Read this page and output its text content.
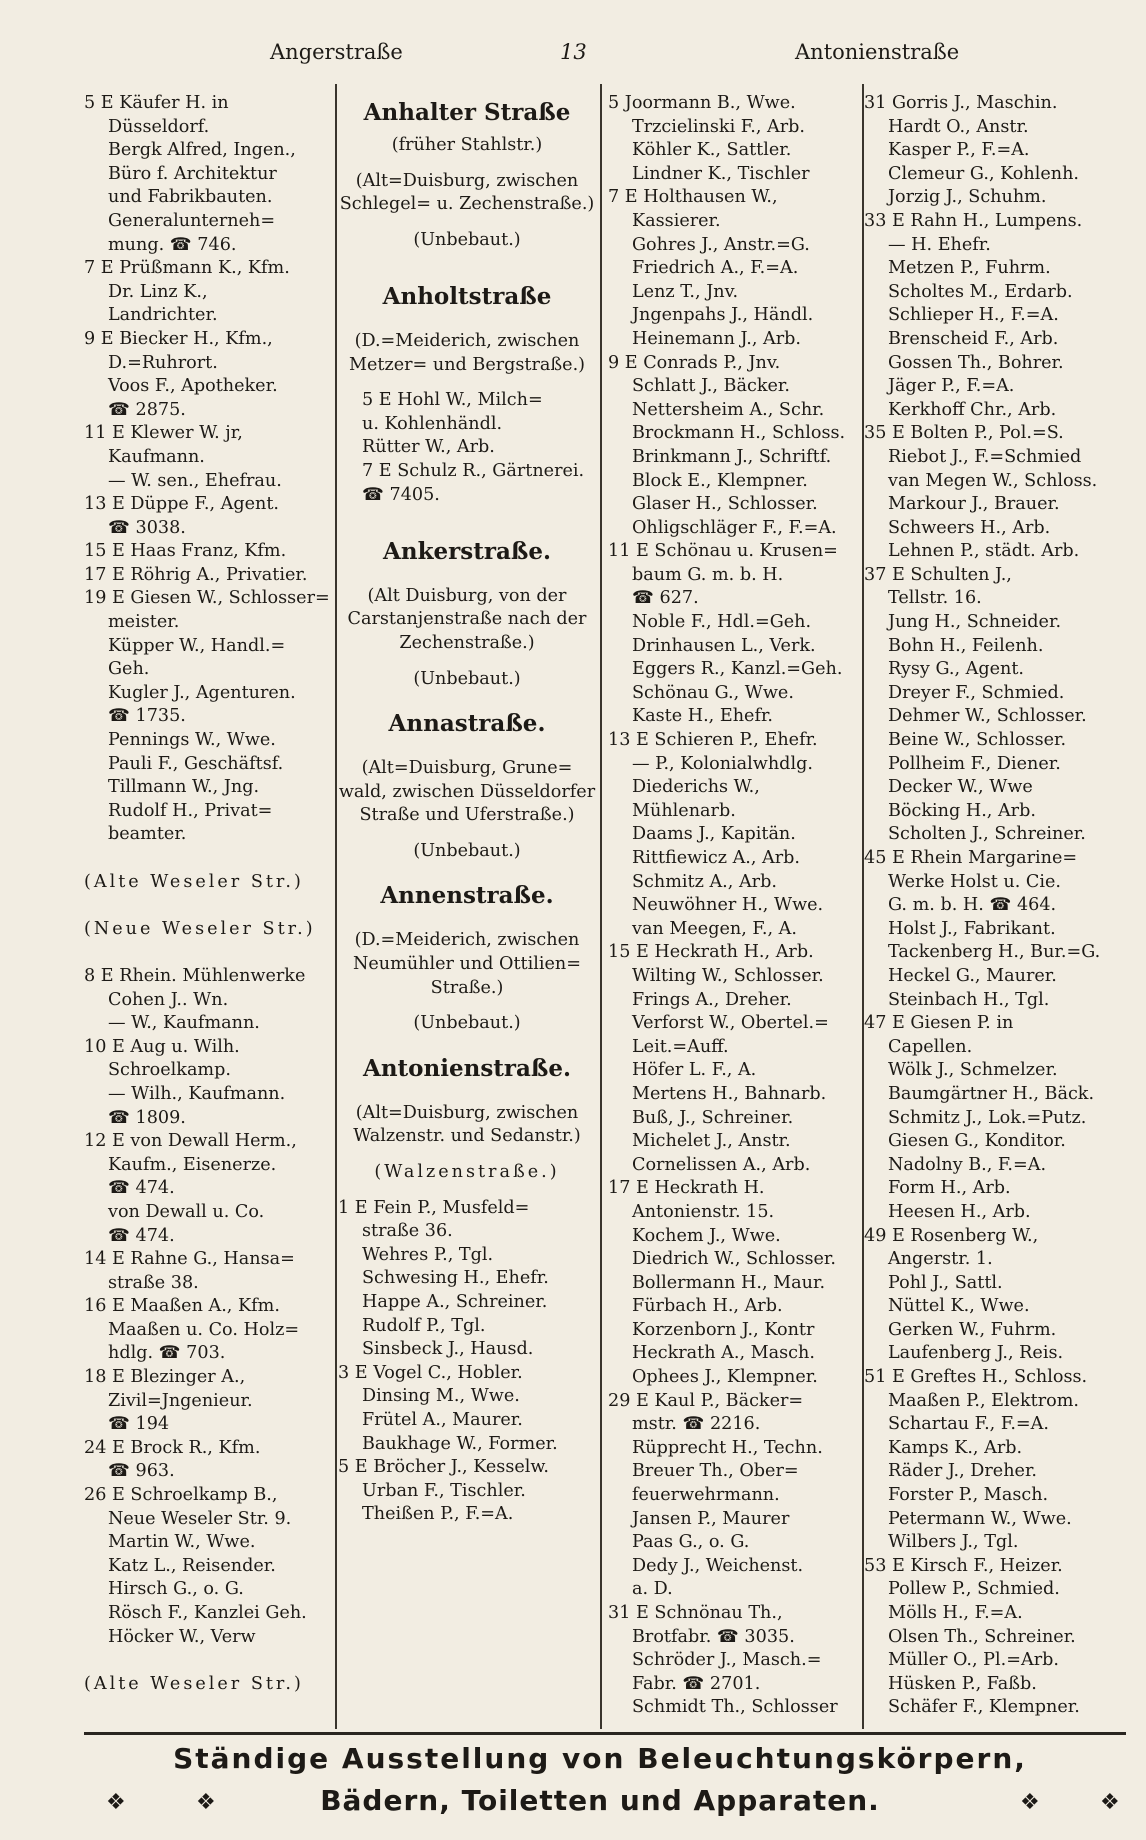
Angerstraße	13	Antonienstraße
5 E Käufer H. in
Düsseldorf.
Bergk Alfred, Ingen.,
Büro f. Architektur
und Fabrikbauten.
Generalunterneh=
mung. ☎ 746.
7 E Prüßmann K., Kfm.
Dr. Linz K.,
Landrichter.
9 E Biecker H., Kfm.,
D.=Ruhrort.
Voos F., Apotheker.
☎ 2875.
11 E Klewer W. jr,
Kaufmann.
— W. sen., Ehefrau.
13 E Düppe F., Agent.
☎ 3038.
15 E Haas Franz, Kfm.
17 E Röhrig A., Privatier.
19 E Giesen W., Schlosser=
meister.
Küpper W., Handl.=
Geh.
Kugler J., Agenturen.
☎ 1735.
Pennings W., Wwe.
Pauli F., Geschäftsf.
Tillmann W., Jng.
Rudolf H., Privat=
beamter.
(Alte Weseler Str.)
(Neue Weseler Str.)
8 E Rhein. Mühlenwerke
Cohen J.. Wn.
— W., Kaufmann.
10 E Aug u. Wilh.
Schroelkamp.
— Wilh., Kaufmann.
☎ 1809.
12 E von Dewall Herm.,
Kaufm., Eisenerze.
☎ 474.
von Dewall u. Co.
☎ 474.
14 E Rahne G., Hansa=
straße 38.
16 E Maaßen A., Kfm.
Maaßen u. Co. Holz=
hdlg. ☎ 703.
18 E Blezinger A.,
Zivil=Jngenieur.
☎ 194
24 E Brock R., Kfm.
☎ 963.
26 E Schroelkamp B.,
Neue Weseler Str. 9.
Martin W., Wwe.
Katz L., Reisender.
Hirsch G., o. G.
Rösch F., Kanzlei Geh.
Höcker W., Verw
(Alte Weseler Str.)
Anhalter Straße
(früher Stahlstr.)
(Alt=Duisburg, zwischen
Schlegel= u. Zechenstraße.)
(Unbebaut.)
Anholtstraße
(D.=Meiderich, zwischen
Metzer= und Bergstraße.)
5 E Hohl W., Milch=
u. Kohlenhändl.
Rütter W., Arb.
7 E Schulz R., Gärtnerei.
☎ 7405.
Ankerstraße.
(Alt Duisburg, von der
Carstanjenstraße nach der
Zechenstraße.)
(Unbebaut.)
Annastraße.
(Alt=Duisburg, Grune=
wald, zwischen Düsseldorfer
Straße und Uferstraße.)
(Unbebaut.)
Annenstraße.
(D.=Meiderich, zwischen
Neumühler und Ottilien=
Straße.)
(Unbebaut.)
Antonienstraße.
(Alt=Duisburg, zwischen
Walzenstr. und Sedanstr.)
(Walzenstraße.)
1 E Fein P., Musfeld=
straße 36.
Wehres P., Tgl.
Schwesing H., Ehefr.
Happe A., Schreiner.
Rudolf P., Tgl.
Sinsbeck J., Hausd.
3 E Vogel C., Hobler.
Dinsing M., Wwe.
Frütel A., Maurer.
Baukhage W., Former.
5 E Bröcher J., Kesselw.
Urban F., Tischler.
Theißen P., F.=A.
5 Joormann B., Wwe.
Trzcielinski F., Arb.
Köhler K., Sattler.
Lindner K., Tischler
7 E Holthausen W.,
Kassierer.
Gohres J., Anstr.=G.
Friedrich A., F.=A.
Lenz T., Jnv.
Jngenpahs J., Händl.
Heinemann J., Arb.
9 E Conrads P., Jnv.
Schlatt J., Bäcker.
Nettersheim A., Schr.
Brockmann H., Schloss.
Brinkmann J., Schriftf.
Block E., Klempner.
Glaser H., Schlosser.
Ohligschläger F., F.=A.
11 E Schönau u. Krusen=
baum G. m. b. H.
☎ 627.
Noble F., Hdl.=Geh.
Drinhausen L., Verk.
Eggers R., Kanzl.=Geh.
Schönau G., Wwe.
Kaste H., Ehefr.
13 E Schieren P., Ehefr.
— P., Kolonialwhdlg.
Diederichs W.,
Mühlenarb.
Daams J., Kapitän.
Rittfiewicz A., Arb.
Schmitz A., Arb.
Neuwöhner H., Wwe.
van Meegen, F., A.
15 E Heckrath H., Arb.
Wilting W., Schlosser.
Frings A., Dreher.
Verforst W., Obertel.=
Leit.=Auff.
Höfer L. F., A.
Mertens H., Bahnarb.
Buß, J., Schreiner.
Michelet J., Anstr.
Cornelissen A., Arb.
17 E Heckrath H.
Antonienstr. 15.
Kochem J., Wwe.
Diedrich W., Schlosser.
Bollermann H., Maur.
Fürbach H., Arb.
Korzenborn J., Kontr
Heckrath A., Masch.
Ophees J., Klempner.
29 E Kaul P., Bäcker=
mstr. ☎ 2216.
Rüpprecht H., Techn.
Breuer Th., Ober=
feuerwehrmann.
Jansen P., Maurer
Paas G., o. G.
Dedy J., Weichenst.
a. D.
31 E Schnönau Th.,
Brotfabr. ☎ 3035.
Schröder J., Masch.=
Fabr. ☎ 2701.
Schmidt Th., Schlosser
31 Gorris J., Maschin.
Hardt O., Anstr.
Kasper P., F.=A.
Clemeur G., Kohlenh.
Jorzig J., Schuhm.
33 E Rahn H., Lumpens.
— H. Ehefr.
Metzen P., Fuhrm.
Scholtes M., Erdarb.
Schlieper H., F.=A.
Brenscheid F., Arb.
Gossen Th., Bohrer.
Jäger P., F.=A.
Kerkhoff Chr., Arb.
35 E Bolten P., Pol.=S.
Riebot J., F.=Schmied
van Megen W., Schloss.
Markour J., Brauer.
Schweers H., Arb.
Lehnen P., städt. Arb.
37 E Schulten J.,
Tellstr. 16.
Jung H., Schneider.
Bohn H., Feilenh.
Rysy G., Agent.
Dreyer F., Schmied.
Dehmer W., Schlosser.
Beine W., Schlosser.
Pollheim F., Diener.
Decker W., Wwe
Böcking H., Arb.
Scholten J., Schreiner.
45 E Rhein Margarine=
Werke Holst u. Cie.
G. m. b. H. ☎ 464.
Holst J., Fabrikant.
Tackenberg H., Bur.=G.
Heckel G., Maurer.
Steinbach H., Tgl.
47 E Giesen P. in
Capellen.
Wölk J., Schmelzer.
Baumgärtner H., Bäck.
Schmitz J., Lok.=Putz.
Giesen G., Konditor.
Nadolny B., F.=A.
Form H., Arb.
Heesen H., Arb.
49 E Rosenberg W.,
Angerstr. 1.
Pohl J., Sattl.
Nüttel K., Wwe.
Gerken W., Fuhrm.
Laufenberg J., Reis.
51 E Greftes H., Schloss.
Maaßen P., Elektrom.
Schartau F., F.=A.
Kamps K., Arb.
Räder J., Dreher.
Forster P., Masch.
Petermann W., Wwe.
Wilbers J., Tgl.
53 E Kirsch F., Heizer.
Pollew P., Schmied.
Mölls H., F.=A.
Olsen Th., Schreiner.
Müller O., Pl.=Arb.
Hüsken P., Faßb.
Schäfer F., Klempner.
Ständige Ausstellung von Beleuchtungskörpern,
❖	❖	Bädern, Toiletten und Apparaten.	❖	❖
